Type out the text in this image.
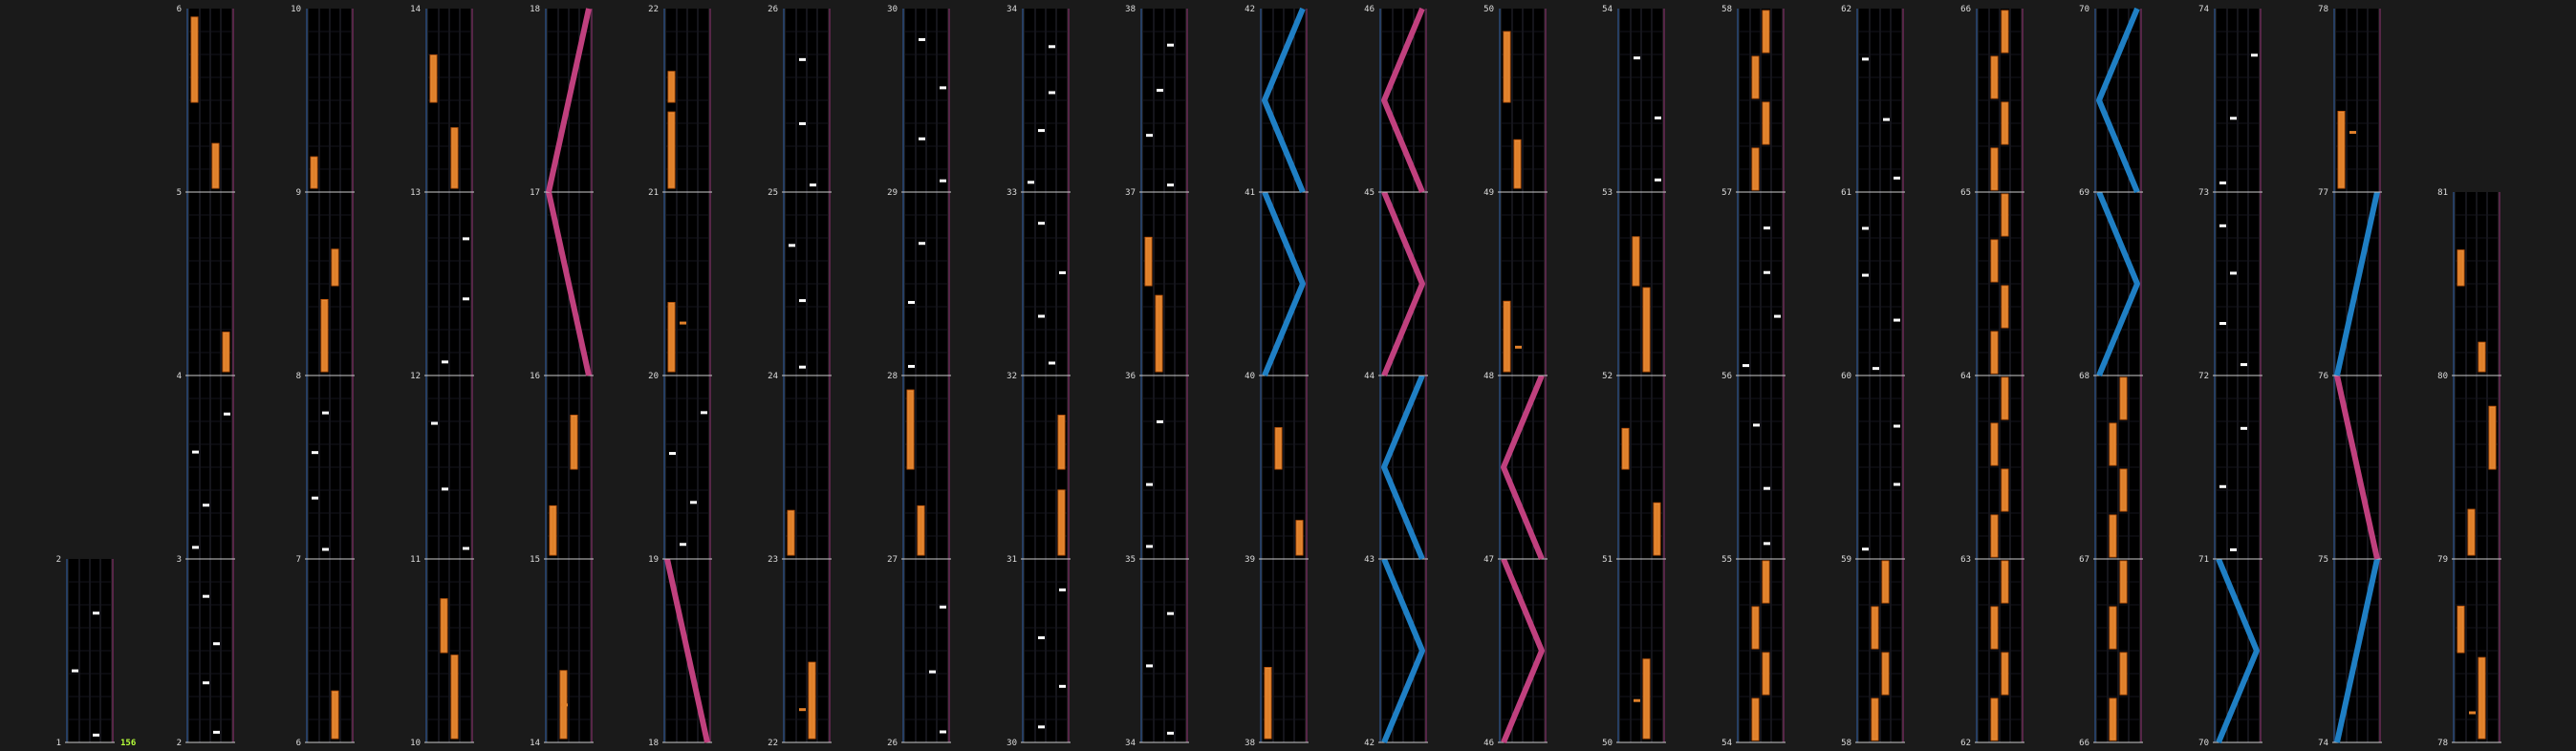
1
2
2
3
4
5
6
6
7
8
9
10
10
11
12
13
14
14
15
16
17
18
18
19
20
21
22
22
23
24
25
26
26
27
28
29
30
30
31
32
33
34
34
35
36
37
38
38
39
40
41
42
42
43
44
45
46
46
47
48
49
50
50
51
52
53
54
54
55
56
57
58
58
59
60
61
62
62
63
64
65
66
66
67
68
69
70
70
71
72
73
74
74
75
76
77
78
78
79
80
81
156
